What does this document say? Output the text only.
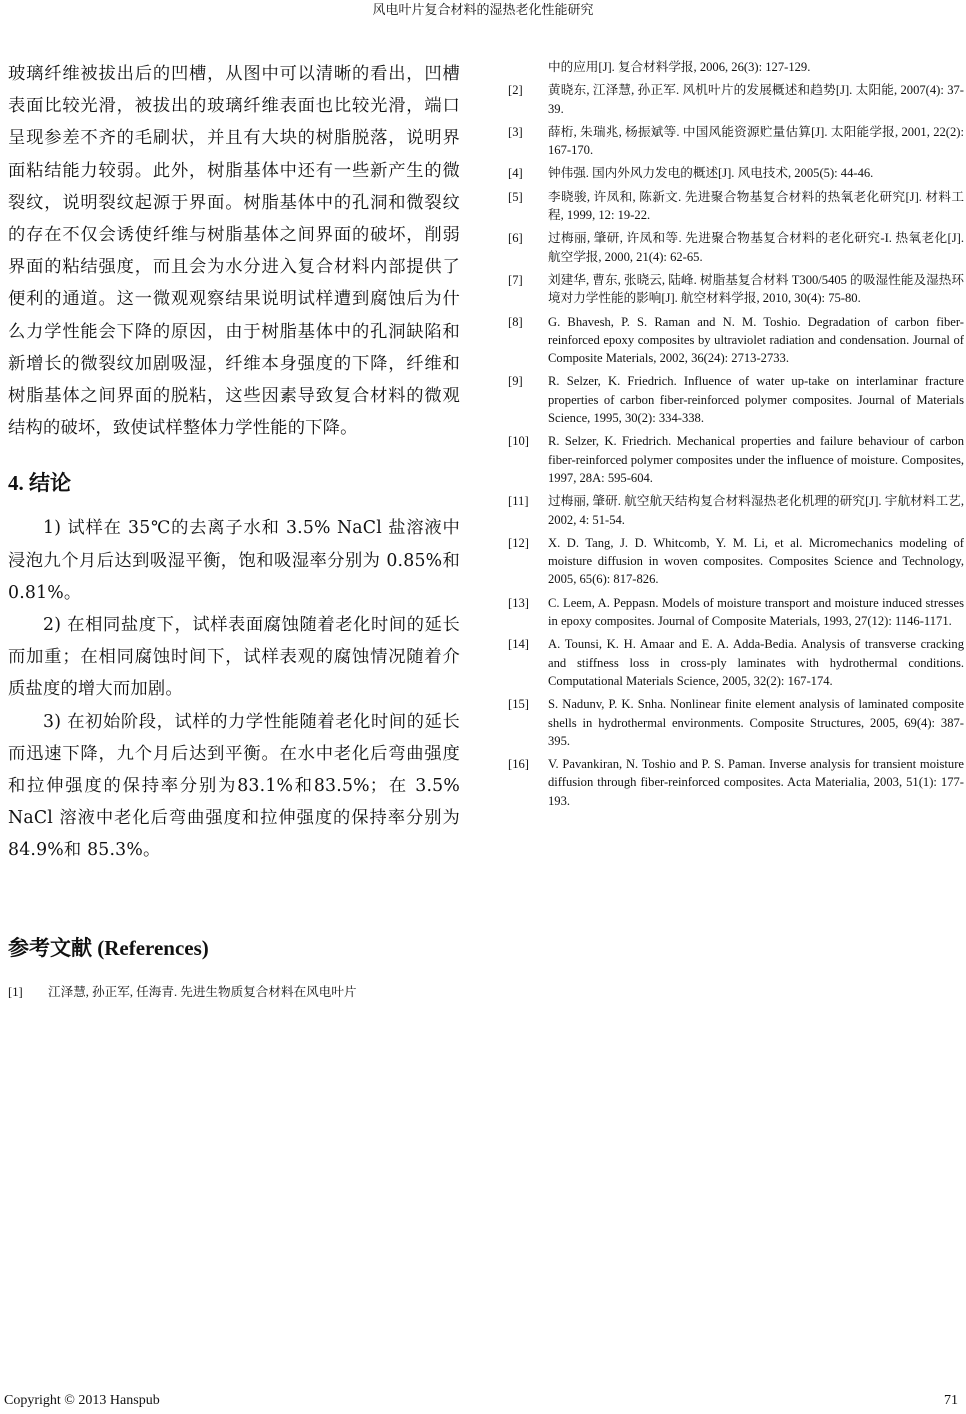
风电叶片复合材料的湿热老化性能研究

玻璃纤维被拔出后的凹槽，从图中可以清晰的看出，凹槽表面比较光滑，被拔出的玻璃纤维表面也比较光滑，端口呈现参差不齐的毛刷状，并且有大块的树脂脱落，说明界面粘结能力较弱。此外，树脂基体中还有一些新产生的微裂纹，说明裂纹起源于界面。树脂基体中的孔洞和微裂纹的存在不仅会诱使纤维与树脂基体之间界面的破坏，削弱界面的粘结强度，而且会为水分进入复合材料内部提供了便利的通道。这一微观观察结果说明试样遭到腐蚀后为什么力学性能会下降的原因，由于树脂基体中的孔洞缺陷和新增长的微裂纹加剧吸湿，纤维本身强度的下降，纤维和树脂基体之间界面的脱粘，这些因素导致复合材料的微观结构的破坏，致使试样整体力学性能的下降。

4. 结论

1) 试样在 35℃的去离子水和 3.5% NaCl 盐溶液中浸泡九个月后达到吸湿平衡，饱和吸湿率分别为 0.85%和 0.81%。

2) 在相同盐度下，试样表面腐蚀随着老化时间的延长而加重；在相同腐蚀时间下，试样表观的腐蚀情况随着介质盐度的增大而加剧。

3) 在初始阶段，试样的力学性能随着老化时间的延长而迅速下降，九个月后达到平衡。在水中老化后弯曲强度和拉伸强度的保持率分别为83.1%和83.5%；在 3.5% NaCl 溶液中老化后弯曲强度和拉伸强度的保持率分别为 84.9%和 85.3%。

参考文献 (References)
[1] 江泽慧, 孙正军, 任海青. 先进生物质复合材料在风电叶片
中的应用[J]. 复合材料学报, 2006, 26(3): 127-129.
[2] 黄晓东, 江泽慧, 孙正军. 风机叶片的发展概述和趋势[J]. 太阳能, 2007(4): 37-39.
[3] 薛桁, 朱瑞兆, 杨振斌等. 中国风能资源贮量估算[J]. 太阳能学报, 2001, 22(2): 167-170.
[4] 钟伟强. 国内外风力发电的概述[J]. 风电技术, 2005(5): 44-46.
[5] 李晓骏, 许凤和, 陈新文. 先进聚合物基复合材料的热氧老化研究[J]. 材料工程, 1999, 12: 19-22.
[6] 过梅丽, 肇研, 许凤和等. 先进聚合物基复合材料的老化研究-I. 热氧老化[J]. 航空学报, 2000, 21(4): 62-65.
[7] 刘建华, 曹东, 张晓云, 陆峰. 树脂基复合材料 T300/5405 的吸湿性能及湿热环境对力学性能的影响[J]. 航空材料学报, 2010, 30(4): 75-80.
[8] G. Bhavesh, P. S. Raman and N. M. Toshio. Degradation of carbon fiber-reinforced epoxy composites by ultraviolet radiation and condensation. Journal of Composite Materials, 2002, 36(24): 2713-2733.
[9] R. Selzer, K. Friedrich. Influence of water up-take on interlaminar fracture properties of carbon fiber-reinforced polymer composites. Journal of Materials Science, 1995, 30(2): 334-338.
[10] R. Selzer, K. Friedrich. Mechanical properties and failure behaviour of carbon fiber-reinforced polymer composites under the influence of moisture. Composites, 1997, 28A: 595-604.
[11] 过梅丽, 肇研. 航空航天结构复合材料湿热老化机理的研究[J]. 宇航材料工艺, 2002, 4: 51-54.
[12] X. D. Tang, J. D. Whitcomb, Y. M. Li, et al. Micromechanics modeling of moisture diffusion in woven composites. Composites Science and Technology, 2005, 65(6): 817-826.
[13] C. Leem, A. Peppasn. Models of moisture transport and moisture induced stresses in epoxy composites. Journal of Composite Materials, 1993, 27(12): 1146-1171.
[14] A. Tounsi, K. H. Amaar and E. A. Adda-Bedia. Analysis of transverse cracking and stiffness loss in cross-ply laminates with hydrothermal conditions. Computational Materials Science, 2005, 32(2): 167-174.
[15] S. Nadunv, P. K. Snha. Nonlinear finite element analysis of laminated composite shells in hydrothermal environments. Composite Structures, 2005, 69(4): 387-395.
[16] V. Pavankiran, N. Toshio and P. S. Paman. Inverse analysis for transient moisture diffusion through fiber-reinforced composites. Acta Materialia, 2003, 51(1): 177-193.
Copyright © 2013 Hanspub	71
